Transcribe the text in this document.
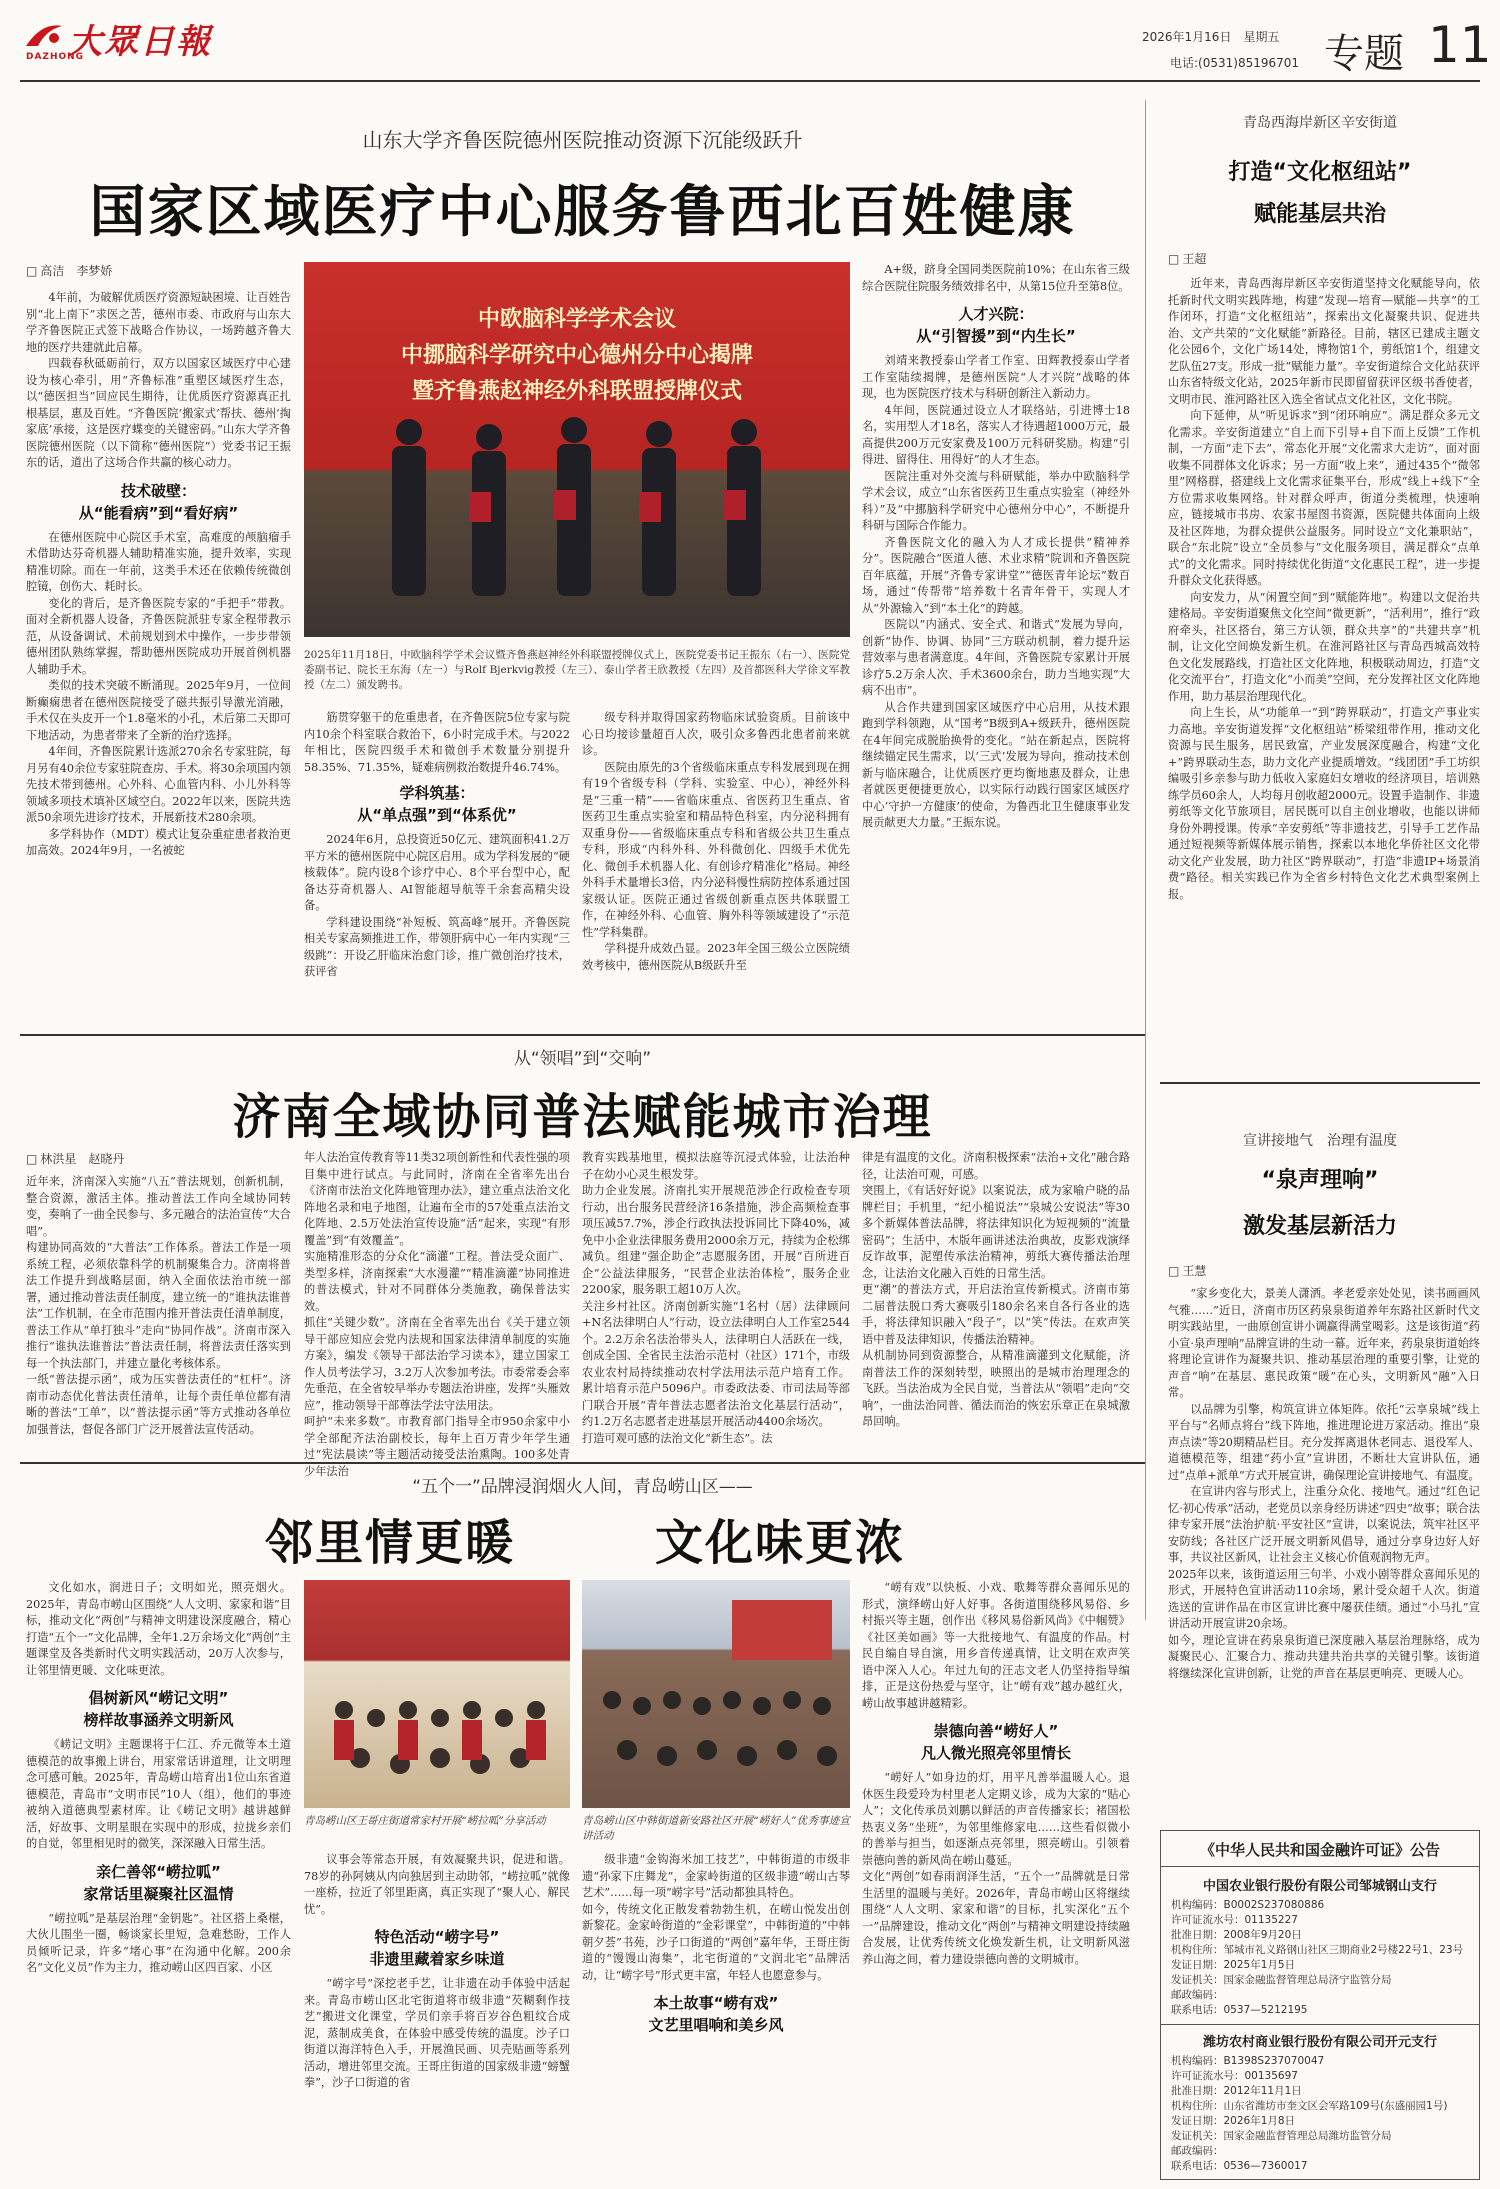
大眾日報
DAZHONG
2026年1月16日　星期五
电话:(0531)85196701 专题 11
山东大学齐鲁医院德州医院推动资源下沉能级跃升
国家区域医疗中心服务鲁西北百姓健康
□ 高洁　李梦娇

4年前，为破解优质医疗资源短缺困境、让百姓告别“北上南下”求医之苦，德州市委、市政府与山东大学齐鲁医院正式签下战略合作协议，一场跨越齐鲁大地的医疗共建就此启幕。

四载春秋砥砺前行，双方以国家区域医疗中心建设为核心牵引，用“齐鲁标准”重塑区域医疗生态，以“德医担当”回应民生期待，让优质医疗资源真正扎根基层，惠及百姓。“齐鲁医院‘搬家式’帮扶、德州‘掏家底’承接，这是医疗蝶变的关键密码。”山东大学齐鲁医院德州医院（以下简称“德州医院”）党委书记王振东的话，道出了这场合作共赢的核心动力。

技术破壁：
从“能看病”到“看好病”

在德州医院中心院区手术室，高难度的颅脑瘤手术借助达芬奇机器人辅助精准实施，提升效率，实现精准切除。而在一年前，这类手术还在依赖传统微创腔镜，创伤大、耗时长。

变化的背后，是齐鲁医院专家的“手把手”带教。面对全新机器人设备，齐鲁医院派驻专家全程带教示范，从设备调试、术前规划到术中操作，一步步带领德州团队熟练掌握，帮助德州医院成功开展首例机器人辅助手术。

类似的技术突破不断涌现。2025年9月，一位间断癫痫患者在德州医院接受了磁共振引导激光消融，手术仅在头皮开一个1.8毫米的小孔，术后第二天即可下地活动，为患者带来了全新的治疗选择。

4年间，齐鲁医院累计选派270余名专家驻院，每月另有40余位专家驻院查房、手术。将30余项国内领先技术带到德州。心外科、心血管内科、小儿外科等领域多项技术填补区域空白。2022年以来，医院共选派50余项先进诊疗技术，开展新技术280余项。

多学科协作（MDT）模式让复杂重症患者救治更加高效。2024年9月，一名被蛇

中欧脑科学学术会议
中挪脑科学研究中心德州分中心揭牌
暨齐鲁燕赵神经外科联盟授牌仪式
2025年11月18日，中欧脑科学学术会议暨齐鲁燕赵神经外科联盟授牌仪式上，医院党委书记王振东（右一）、医院党委副书记、院长王东海（左一）与Rolf Bjerkvig教授（左三）、泰山学者王欣教授（左四）及首都医科大学徐文军教授（左二）颁发聘书。

筋贯穿躯干的危重患者，在齐鲁医院5位专家与院内10余个科室联合救治下，6小时完成手术。与2022年相比，医院四级手术和微创手术数量分别提升58.35%、71.35%，疑难病例救治数提升46.74%。

学科筑基：
从“单点强”到“体系优”

2024年6月，总投资近50亿元、建筑面积41.2万平方米的德州医院中心院区启用。成为学科发展的“硬核载体”。院内设8个诊疗中心、8个平台型中心，配备达芬奇机器人、AI智能超导航等千余套高精尖设备。

学科建设围绕“补短板、筑高峰”展开。齐鲁医院相关专家高频推进工作，带领肝病中心一年内实现“三级跳”：开设乙肝临床治愈门诊，推广微创治疗技术，获评省

级专科并取得国家药物临床试验资质。目前该中心日均接诊量超百人次，吸引众多鲁西北患者前来就诊。

医院由原先的3个省级临床重点专科发展到现在拥有19个省级专科（学科、实验室、中心），神经外科是“三重一精”——省临床重点、省医药卫生重点、省医药卫生重点实验室和精品特色科室，内分泌科拥有双重身份——省级临床重点专科和省级公共卫生重点专科，形成“内科外科、外科微创化、四级手术优先化、微创手术机器人化、有创诊疗精准化”格局。神经外科手术量增长3倍，内分泌科慢性病防控体系通过国家级认证。医院正通过省级创新重点医共体联盟工作，在神经外科、心血管、胸外科等领域建设了“示范性”学科集群。

学科提升成效凸显。2023年全国三级公立医院绩效考核中，德州医院从B级跃升至

A+级，跻身全国同类医院前10%；在山东省三级综合医院住院服务绩效排名中，从第15位升至第8位。

人才兴院：
从“引智援”到“内生长”

刘靖来教授泰山学者工作室、田辉教授泰山学者工作室陆续揭牌，是德州医院“人才兴院”战略的体现，也为医院医疗技术与科研创新注入新动力。

4年间，医院通过设立人才联络站，引进博士18名，实用型人才18名，落实人才待遇超1000万元，最高提供200万元安家费及100万元科研奖励。构建“引得进、留得住、用得好”的人才生态。

医院注重对外交流与科研赋能，举办中欧脑科学学术会议，成立“山东省医药卫生重点实验室（神经外科）”及“中挪脑科学研究中心德州分中心”，不断提升科研与国际合作能力。

齐鲁医院文化的融入为人才成长提供“精神养分”。医院融合“医道人德、术业求精”院训和齐鲁医院百年底蕴，开展“齐鲁专家讲堂”“德医青年论坛”数百场，通过“传帮带”培养数十名青年骨干，实现人才从“外源输入”到“本土化”的跨越。

医院以“内涵式、安全式、和谐式”发展为导向，创新“协作、协调、协同”三方联动机制，着力提升运营效率与患者满意度。4年间，齐鲁医院专家累计开展诊疗5.2万余人次、手术3600余台，助力当地实现“大病不出市”。

从合作共建到国家区域医疗中心启用，从技术跟跑到学科领跑，从“国考”B级到A+级跃升，德州医院在4年间完成脱胎换骨的变化。“站在新起点，医院将继续锚定民生需求，以‘三式’发展为导向，推动技术创新与临床融合，让优质医疗更均衡地惠及群众，让患者就医更便捷更放心，以实际行动践行国家区域医疗中心‘守护一方健康’的使命，为鲁西北卫生健康事业发展贡献更大力量。”王振东说。

青岛西海岸新区辛安街道
打造“文化枢纽站”
赋能基层共治
□ 王超

近年来，青岛西海岸新区辛安街道坚持文化赋能导向，依托新时代文明实践阵地，构建“发现—培育—赋能—共享”的工作闭环，打造“文化枢纽站”，探索出文化凝聚共识、促进共治、文产共荣的“文化赋能”新路径。目前，辖区已建成主题文化公园6个，文化广场14处，博物馆1个，剪纸馆1个，组建文艺队伍27支。形成一批“赋能力量”。辛安街道综合文化站获评山东省特级文化站，2025年新市民即留留获评区级书香使者，文明市民、淮河路社区入选全省试点文化社区，文化书院。

向下延伸，从“听见诉求”到“闭环响应”。满足群众多元文化需求。辛安街道建立“自上而下引导+自下而上反馈”工作机制，一方面“走下去”，常态化开展“文化需求大走访”，面对面收集不同群体文化诉求；另一方面“收上来”，通过435个“微邻里”网格群，搭建线上文化需求征集平台，形成“线上+线下”全方位需求收集网络。针对群众呼声，街道分类梳理，快速响应，链接城市书房、农家书屋图书资源，医院健共体面向上级及社区阵地，为群众提供公益服务。同时设立“文化兼职站”，联合“东北院”设立“全员参与”文化服务项目，满足群众“点单式”的文化需求。同时持续优化街道“文化惠民工程”，进一步提升群众文化获得感。

向安发力，从“闲置空间”到“赋能阵地”。构建以文促治共建格局。辛安街道聚焦文化空间“微更新”，“活利用”，推行“政府牵头，社区搭台，第三方认领，群众共享”的“共建共享”机制，让文化空间焕发新生机。在淮河路社区与青岛西城高效特色文化发展路线，打造社区文化阵地，积极联动周边，打造“文化交流平台”，打造文化“小而美”空间，充分发挥社区文化阵地作用，助力基层治理现代化。

向上生长，从“功能单一”到“跨界联动”，打造文产事业实力高地。辛安街道发挥“文化枢纽站”桥梁纽带作用，推动文化资源与民生服务，居民致富，产业发展深度融合，构建“文化+”跨界联动生态，助力文化产业提质增效。“线团团”手工坊织编吸引乡亲参与助力低收入家庭妇女增收的经济项目，培训熟练学员60余人，人均每月创收超2000元。设置手造制作、非遗剪纸等文化节旅项目，居民既可以自主创业增收，也能以讲师身份外聘授课。传承“辛安剪纸”等非遗技艺，引导手工艺作品通过短视频等新媒体展示销售，探索以本地化华侨社区文化带动文化产业发展，助力社区“跨界联动”，打造“非遗IP+场景消费”路径。相关实践已作为全省乡村特色文化艺术典型案例上报。

从“领唱”到“交响”
济南全域协同普法赋能城市治理
□ 林洪星　赵晓丹
近年来，济南深入实施“八五”普法规划，创新机制，整合资源，激活主体。推动普法工作向全域协同转变，奏响了一曲全民参与、多元融合的法治宣传“大合唱”。
构建协同高效的“大普法”工作体系。普法工作是一项系统工程，必须依靠科学的机制聚集合力。济南将普法工作提升到战略层面，纳入全面依法治市统一部署，通过推动普法责任制度，建立统一的“谁执法谁普法”工作机制，在全市范围内推开普法责任清单制度，普法工作从“单打独斗”走向“协同作战”。济南市深入推行“谁执法谁普法”普法责任制，将普法责任落实到每一个执法部门，并建立量化考核体系。
一纸“普法提示函”，成为压实普法责任的“杠杆”。济南市动态优化普法责任清单，让每个责任单位都有清晰的普法“工单”，以“普法提示函”等方式推动各单位加强普法，督促各部门广泛开展普法宣传活动。
年人法治宣传教育等11类32项创新性和代表性强的项目集中进行试点。与此同时，济南在全省率先出台《济南市法治文化阵地管理办法》，建立重点法治文化阵地名录和电子地图，让遍布全市的57处重点法治文化阵地、2.5万处法治宣传设施“活”起来，实现“有形覆盖”到“有效覆盖”。
实施精准形态的分众化“滴灌”工程。普法受众面广、类型多样，济南探索“大水漫灌”“精准滴灌”协同推进的普法模式，针对不同群体分类施教，确保普法实效。
抓住“关键少数”。济南在全省率先出台《关于建立领导干部应知应会党内法规和国家法律清单制度的实施方案》，编发《领导干部法治学习读本》，建立国家工作人员考法学习，3.2万人次参加考法。市委常委会率先垂范，在全省较早举办专题法治讲座，发挥“头雁效应”，推动领导干部尊法学法守法用法。
呵护“未来多数”。市教育部门指导全市950余家中小学全部配齐法治副校长，每年上百万青少年学生通过“宪法晨读”等主题活动接受法治熏陶。100多处青少年法治
教育实践基地里，模拟法庭等沉浸式体验，让法治种子在幼小心灵生根发芽。
助力企业发展。济南扎实开展规范涉企行政检查专项行动，出台服务民营经济16条措施，涉企高频检查事项压减57.7%，涉企行政执法投诉同比下降40%，减免中小企业法律服务费用2000余万元，持续为企松绑减负。组建“强企助企”志愿服务团，开展“百所进百企”公益法律服务，“民营企业法治体检”，服务企业2200家，服务职工超10万人次。
关注乡村社区。济南创新实施“1名村（居）法律顾问+N名法律明白人”行动，设立法律明白人工作室2544个。2.2万余名法治带头人，法律明白人活跃在一线，创成全国、全省民主法治示范村（社区）171个，市级农业农村局持续推动农村学法用法示范户培育工作。累计培育示范户5096户。市委政法委、市司法局等部门联合开展“青年普法志愿者法治文化基层行活动”，约1.2万名志愿者走进基层开展活动4400余场次。
打造可观可感的法治文化“新生态”。法
律是有温度的文化。济南积极探索“法治+文化”融合路径，让法治可观，可感。
突围上，《有话好好说》以案说法，成为家喻户晓的品牌栏目；手机里，“纪小槌说法”“泉城公安说法”等30多个新媒体普法品牌，将法律知识化为短视频的“流量密码”；生活中，木版年画讲述法治典故，皮影戏演绎反诈故事，泥塑传承法治精神，剪纸大赛传播法治理念，让法治文化融入百姓的日常生活。
更“潮”的普法方式，开启法治宣传新模式。济南市第二届普法脱口秀大赛吸引180余名来自各行各业的选手，将法律知识融入“段子”，以“笑”传法。在欢声笑语中普及法律知识，传播法治精神。
从机制协同到资源整合，从精准滴灌到文化赋能，济南普法工作的深刻转型，映照出的是城市治理理念的飞跃。当法治成为全民自觉，当普法从“领唱”走向“交响”，一曲法治同普、循法而治的恢宏乐章正在泉城激昂回响。
宣讲接地气　治理有温度
“泉声理响”
激发基层新活力
□ 王慧

“家乡变化大，景美人潇洒。孝老爱亲处处见，读书画画风气雅……”近日，济南市历区药泉泉街道养年东路社区新时代文明实践站里，一曲原创宣讲小调赢得满堂喝彩。这是该街道“药小宣·泉声理响”品牌宣讲的生动一幕。近年来，药泉泉街道始终将理论宣讲作为凝聚共识、推动基层治理的重要引擎，让党的声音“响”在基层、惠民政策“暖”在心头，文明新风“融”入日常。

以品牌为引擎，构筑宣讲立体矩阵。依托“云享泉城”线上平台与“名师点将台”线下阵地，推进理论进万家活动。推出“泉声点读”等20期精品栏目。充分发挥离退休老同志、退役军人、道德模范等，组建“药小宣”宣讲团，不断壮大宣讲队伍，通过“点单+派单”方式开展宣讲，确保理论宣讲接地气、有温度。

在宣讲内容与形式上，注重分众化、接地气。通过“红色记忆·初心传承”活动，老党员以亲身经历讲述“四史”故事；联合法律专家开展“法治护航·平安社区”宣讲，以案说法，筑牢社区平安防线；各社区广泛开展文明新风倡导，通过分享身边好人好事，共议社区新风，让社会主义核心价值观润物无声。
2025年以来，该街道运用三句半、小戏小剧等群众喜闻乐见的形式，开展特色宣讲活动110余场，累计受众超千人次。街道选送的宣讲作品在市区宣讲比赛中屡获佳绩。通过“小马扎”宣讲活动开展宣讲20余场。
如今，理论宣讲在药泉泉街道已深度融入基层治理脉络，成为凝聚民心、汇聚合力、推动共建共治共享的关键引擎。该街道将继续深化宣讲创新，让党的声音在基层更响亮、更暖人心。

“五个一”品牌浸润烟火人间，青岛崂山区——
邻里情更暖	文化味更浓

文化如水，润进日子；文明如光，照亮烟火。2025年，青岛市崂山区围绕“人人文明、家家和谐”目标，推动文化“两创”与精神文明建设深度融合，精心打造“五个一”文化品牌，全年1.2万余场文化“两创”主题课堂及各类新时代文明实践活动，20万人次参与，让邻里情更暖、文化味更浓。

倡树新风“崂记文明”
榜样故事涵养文明新风

《崂记文明》主题课将于仁江、乔元微等本土道德模范的故事搬上讲台，用家常话讲道理，让文明理念可感可触。2025年，青岛崂山培育出1位山东省道德模范，青岛市“文明市民”10人（组），他们的事迹被纳入道德典型素材库。让《崂记文明》越讲越鲜活，好故事、文明星眼在实现中的形成，拉拢乡亲们的自觉，邻里相见时的微笑，深深融入日常生活。

亲仁善邻“崂拉呱”
家常话里凝聚社区温情

“崂拉呱”是基层治理“金钥匙”。社区搭上桑椹，大伙儿围坐一圈，畅谈家长里短，急难愁盼，工作人员倾听记录，许多“堵心事”在沟通中化解。200余名“文化义员”作为主力，推动崂山区四百家、小区

青岛崂山区王哥庄街道常家村开展“崂拉呱”分享活动

议事会等常态开展，有效凝聚共识，促进和谐。78岁的孙阿姨从内向独居到主动助邻，“崂拉呱”就像一座桥，拉近了邻里距离，真正实现了“聚人心、解民忧”。

特色活动“崂字号”
非遗里藏着家乡味道

“崂字号”深挖老手艺，让非遗在动手体验中活起来。青岛市崂山区北宅街道将市级非遗“芡糊剩作技艺”搬进文化课堂，学员们亲手将百岁谷色粗纹合成泥，蒸制成美食，在体验中感受传统的温度。沙子口街道以海洋特色入手，开展渔民画、贝壳贴画等系列活动，增进邻里交流。王哥庄街道的国家级非遗“螃蟹拳”，沙子口街道的省

青岛崂山区中韩街道新安路社区开展“崂好人”优秀事迹宣讲活动

级非遗“金钩海米加工技艺”，中韩街道的市级非遗“孙家下庄舞龙”，金家岭街道的区级非遗“崂山古琴艺术”……每一项“崂字号”活动都独具特色。
如今，传统文化正散发着勃勃生机，在崂山悦发出创新黎花。金家岭街道的“金彩课堂”，中韩街道的“中韩朝夕荟”书苑，沙子口街道的“两创”嘉年华，王哥庄街道的“馒馒山海集”，北宅街道的“文润北宅”品牌活动，让“崂字号”形式更丰富，年轻人也愿意参与。

本土故事“崂有戏”
文艺里唱响和美乡风

“崂有戏”以快板、小戏、歌舞等群众喜闻乐见的形式，演绎崂山好人好事。各街道围绕移风易俗、乡村振兴等主题，创作出《移风易俗新风尚》《中帼赞》《社区美如画》等一大批接地气、有温度的作品。村民自编自导自演，用乡音传递真情，让文明在欢声笑语中深入人心。年过九旬的汪志文老人仍坚持指导编排，正是这份热爱与坚守，让“崂有戏”越办越红火，崂山故事越讲越精彩。

崇德向善“崂好人”
凡人微光照亮邻里情长

“崂好人”如身边的灯，用平凡善举温暖人心。退休医生段爱玲为村里老人定期义诊，成为大家的“贴心人”；文化传承员刘鹏以鲜活的声音传播家长；褚国松热衷义务“坐班”，为邻里维修家电……这些看似微小的善举与担当，如逐渐点亮邻里，照亮崂山。引领着崇德向善的新风尚在崂山蔓延。
文化“两创”如春雨润泽生活，“五个一”品牌就是日常生活里的温暖与美好。2026年，青岛市崂山区将继续围绕“人人文明、家家和谐”的目标，扎实深化“五个一”品牌建设，推动文化“两创”与精神文明建设持续融合发展，让优秀传统文化焕发新生机，让文明新风滋养山海之间，着力建设崇德向善的文明城市。

《中华人民共和国金融许可证》公告
中国农业银行股份有限公司邹城钢山支行
机构编码：B0002S237080886
许可证流水号：01135227
批准日期：2008年9月20日
机构住所：邹城市礼义路钢山社区三期商业2号楼22号1、23号
发证日期：2025年1月5日
发证机关：国家金融监督管理总局济宁监管分局
邮政编码：
联系电话：0537—5212195
潍坊农村商业银行股份有限公司开元支行
机构编码：B1398S237070047
许可证流水号：00135697
批准日期：2012年11月1日
机构住所：山东省潍坊市奎文区会军路109号(东盛丽园1号)
发证日期：2026年1月8日
发证机关：国家金融监督管理总局潍坊监管分局
邮政编码：
联系电话：0536—7360017
